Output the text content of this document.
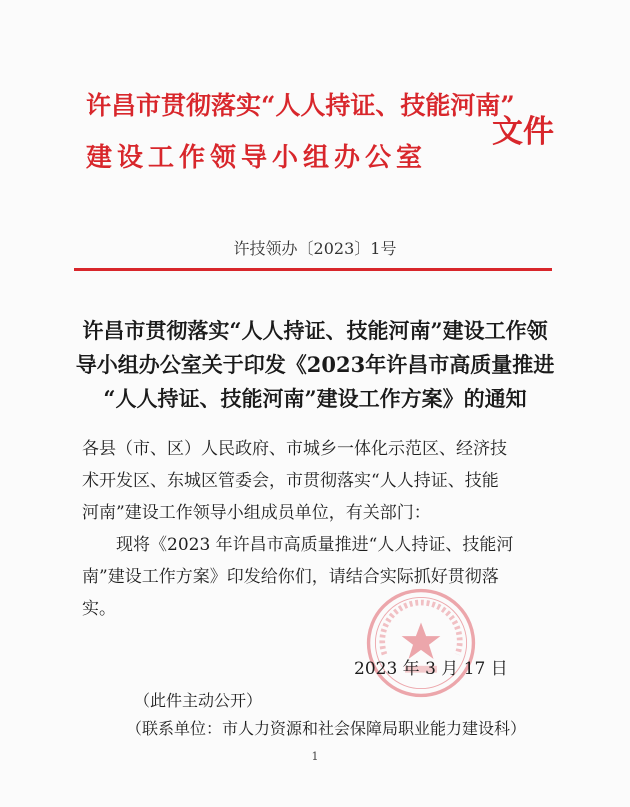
许昌市贯彻落实“人人持证、技能河南”
建设工作领导小组办公室
文件
许技领办〔2023〕1号
许昌市贯彻落实“人人持证、技能河南”建设工作领
导小组办公室关于印发《2023年许昌市高质量推进
“人人持证、技能河南”建设工作方案》的通知
各县（市、区）人民政府、市城乡一体化示范区、经济技
术开发区、东城区管委会，市贯彻落实“人人持证、技能
河南”建设工作领导小组成员单位，有关部门：
现将《2023 年许昌市高质量推进“人人持证、技能河
南”建设工作方案》印发给你们，请结合实际抓好贯彻落
实。
2023 年 3 月 17 日
（此件主动公开）
（联系单位：市人力资源和社会保障局职业能力建设科）
1
